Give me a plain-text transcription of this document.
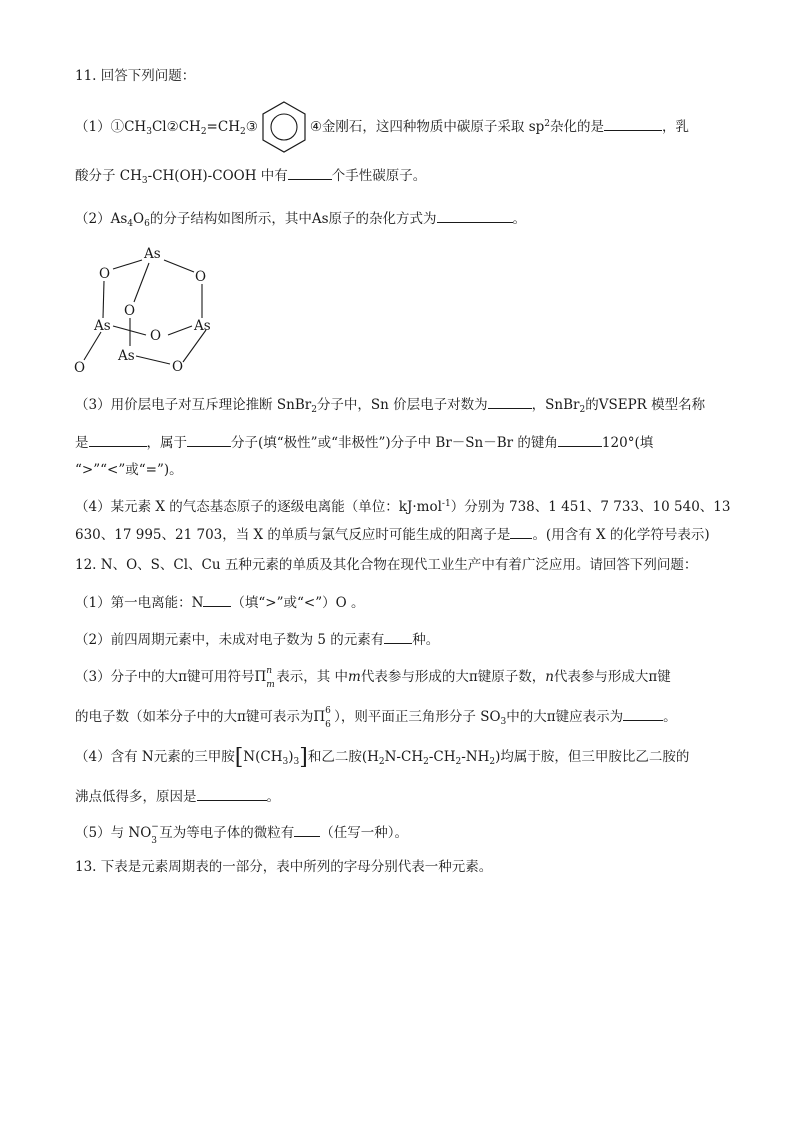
11. 回答下列问题：
$(1)①CH_3Cl②CH_2=CH_2③$	④金刚石，这四种物质中碳原子采取 $sp^2$杂化的是	，乳
酸分子 $CH_3-CH(OH)$-COOH 中有	个手性碳原子。
$(2)As_4O_6$的分子结构如图所示，其中As原子的杂化方式为	。
As
O	O
O
As
O
As
As
O	O
（3）用价层电子对互斥理论推断 SnBr$_2$分子中，Sn 价层电子对数为	，SnBr$_2$的VSEPR 模型名称
是	，属于	分子(填“极性”或“非极性”)分子中 Br－Sn－Br 的键角	120°(填
“>”“<”或“=”)。
（4）某元素 X 的气态基态原子的逐级电离能（单位：kJ·mol$^{-1}$）分别为 738、1 451、7 733、10 540、13
630、17 995、21 703，当 X 的单质与氯气反应时可能生成的阳离子是 。(用含有 X 的化学符号表示)
12. N、O、S、Cl、Cu 五种元素的单质及其化合物在现代工业生产中有着广泛应用。请回答下列问题：
（1）第一电离能：N （填“>”或“<”）O 。
（2）前四周期元素中，未成对电子数为 5 的元素有 种。
（3）分子中的大π键可用符号Π n
m 表示，其 中m代表参与形成的大π键原子数，n代表参与形成大π键
的电子数（如苯分子中的大π键可表示为Π 6
6 ），则平面正三角形分子 $SO_3$中的大π键应表示为	。
（4）含有 N元素的三甲胺$[N(CH_3)_3]$和乙二胺$(H_2N-CH_2-CH_2-NH_2)$均属于胺，但三甲胺比乙二胺的
沸点低得多，原因是	。
（5）与 NO −
3 互为等电子体的微粒有 （任写一种）。
13. 下表是元素周期表的一部分，表中所列的字母分别代表一种元素。
